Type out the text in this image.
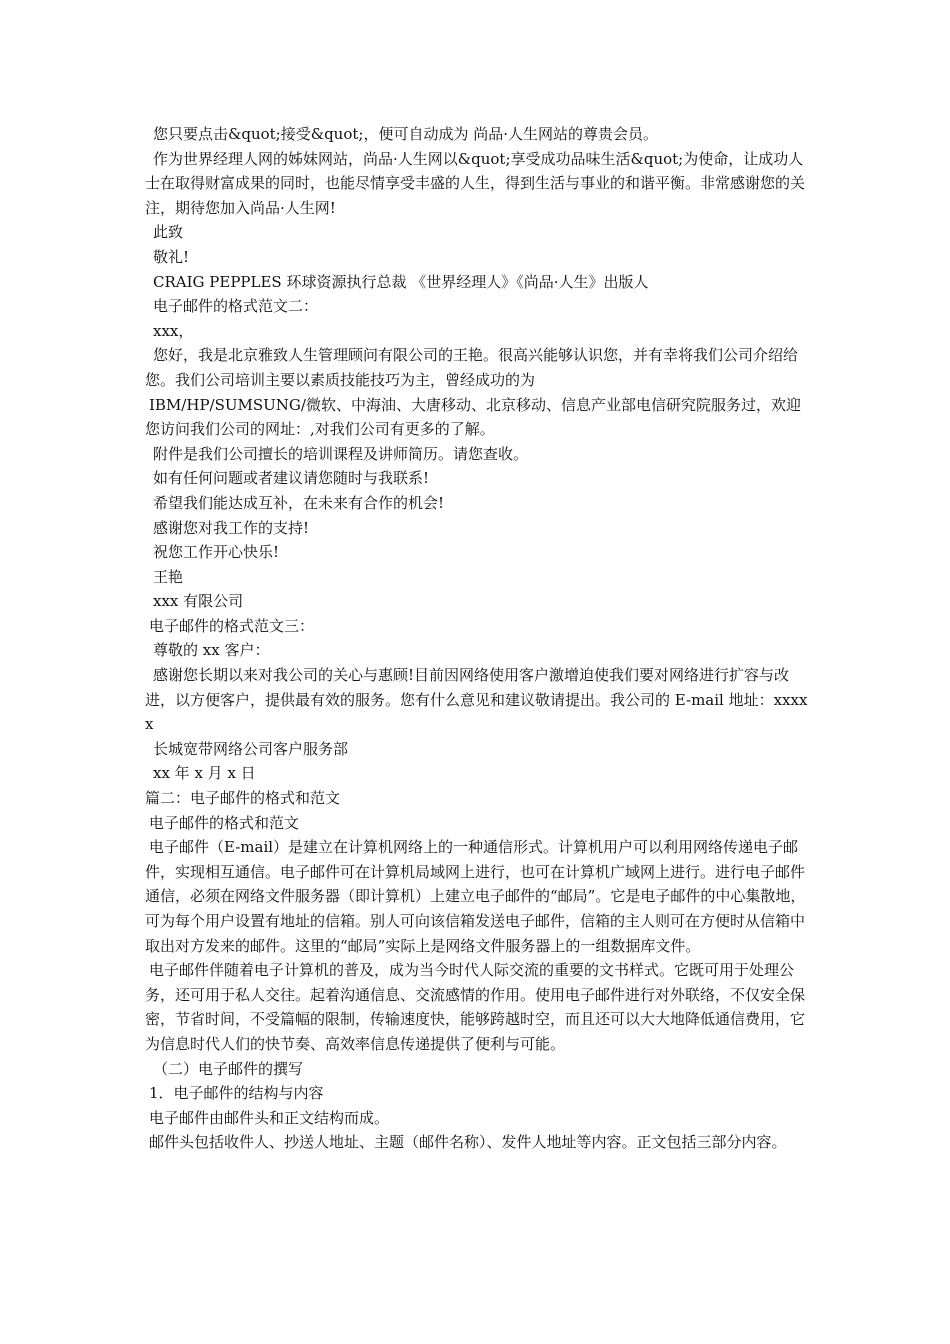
您只要点击&quot;接受&quot;，便可自动成为 尚品·人生网站的尊贵会员。

作为世界经理人网的姊妹网站，尚品·人生网以&quot;享受成功品味生活&quot;为使命，让成功人士在取得财富成果的同时，也能尽情享受丰盛的人生，得到生活与事业的和谐平衡。非常感谢您的关注，期待您加入尚品·人生网!

此致

敬礼!

CRAIG PEPPLES 环球资源执行总裁 《世界经理人》《尚品·人生》出版人

电子邮件的格式范文二：

xxx，

您好，我是北京雅致人生管理顾问有限公司的王艳。很高兴能够认识您，并有幸将我们公司介绍给您。我们公司培训主要以素质技能技巧为主，曾经成功的为

IBM/HP/SUMSUNG/微软、中海油、大唐移动、北京移动、信息产业部电信研究院服务过，欢迎您访问我们公司的网址：,对我们公司有更多的了解。

附件是我们公司擅长的培训课程及讲师简历。请您查收。

如有任何问题或者建议请您随时与我联系!

希望我们能达成互补，在未来有合作的机会!

感谢您对我工作的支持!

祝您工作开心快乐!

王艳

xxx 有限公司

电子邮件的格式范文三：

尊敬的 xx 客户：

感谢您长期以来对我公司的关心与惠顾!目前因网络使用客户激增迫使我们要对网络进行扩容与改进，以方便客户，提供最有效的服务。您有什么意见和建议敬请提出。我公司的 E-mail 地址：xxxxx

长城宽带网络公司客户服务部

xx 年 x 月 x 日

篇二：电子邮件的格式和范文

电子邮件的格式和范文

电子邮件（E-mail）是建立在计算机网络上的一种通信形式。计算机用户可以利用网络传递电子邮件，实现相互通信。电子邮件可在计算机局域网上进行，也可在计算机广域网上进行。进行电子邮件通信，必须在网络文件服务器（即计算机）上建立电子邮件的“邮局”。它是电子邮件的中心集散地，可为每个用户设置有地址的信箱。别人可向该信箱发送电子邮件，信箱的主人则可在方便时从信箱中取出对方发来的邮件。这里的“邮局”实际上是网络文件服务器上的一组数据库文件。

电子邮件伴随着电子计算机的普及，成为当今时代人际交流的重要的文书样式。它既可用于处理公务，还可用于私人交往。起着沟通信息、交流感情的作用。使用电子邮件进行对外联络，不仅安全保密，节省时间，不受篇幅的限制，传输速度快，能够跨越时空，而且还可以大大地降低通信费用，它为信息时代人们的快节奏、高效率信息传递提供了便利与可能。

（二）电子邮件的撰写

1．电子邮件的结构与内容

电子邮件由邮件头和正文结构而成。

邮件头包括收件人、抄送人地址、主题（邮件名称）、发件人地址等内容。正文包括三部分内容。
